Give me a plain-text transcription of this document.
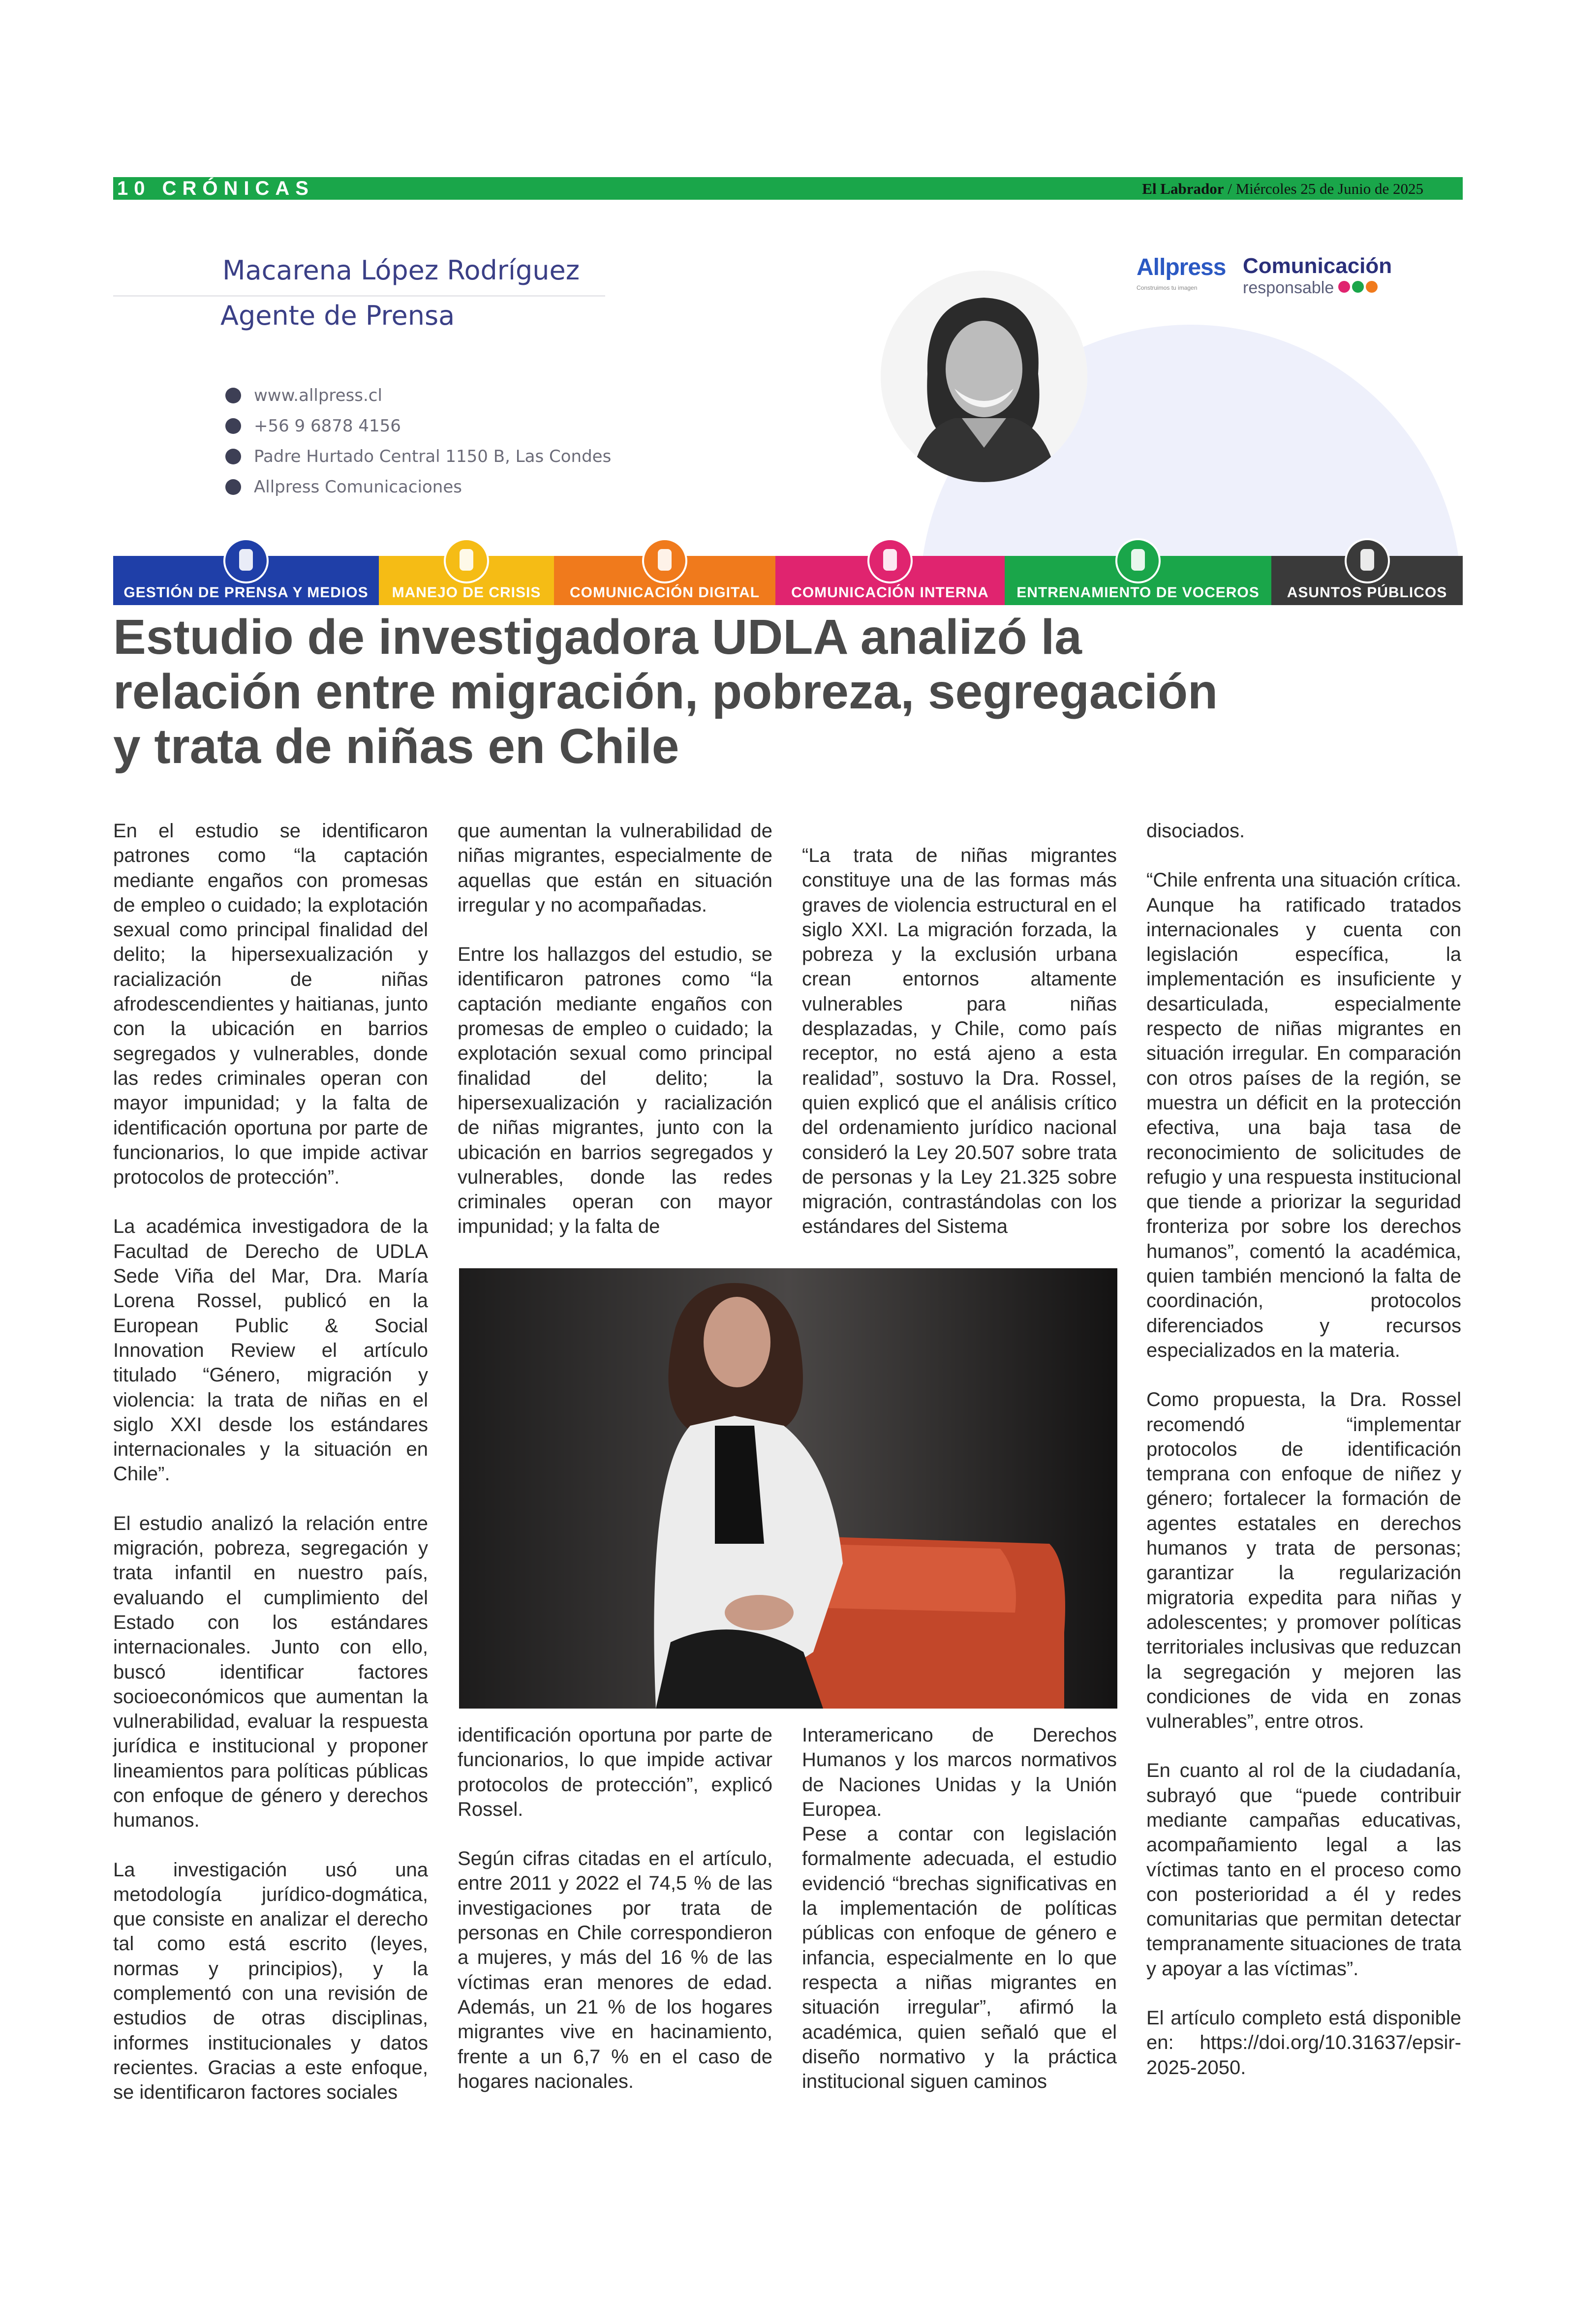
10 CRÓNICAS	El Labrador / Miércoles 25 de Junio de 2025
Macarena López Rodríguez
Agente de Prensa
www.allpress.cl
+56 9 6878 4156
Padre Hurtado Central 1150 B, Las Condes
Allpress Comunicaciones
Allpress
Construimos tu imagen
Comunicación
responsable
GESTIÓN DE PRENSA Y MEDIOS	MANEJO DE CRISIS	COMUNICACIÓN DIGITAL	COMUNICACIÓN INTERNA	ENTRENAMIENTO DE VOCEROS	ASUNTOS PÚBLICOS
Estudio de investigadora UDLA analizó la relación entre migración, pobreza, segregación y trata de niñas en Chile

En el estudio se identificaron patrones como “la captación mediante engaños con promesas de empleo o cuidado; la explotación sexual como principal finalidad del delito; la hipersexualización y racialización de niñas afrodescendientes y haitianas, junto con la ubicación en barrios segregados y vulnerables, donde las redes criminales operan con mayor impunidad; y la falta de identificación oportuna por parte de funcionarios, lo que impide activar protocolos de protección”.

La académica investigadora de la Facultad de Derecho de UDLA Sede Viña del Mar, Dra. María Lorena Rossel, publicó en la European Public & Social Innovation Review el artículo titulado “Género, migración y violencia: la trata de niñas en el siglo XXI desde los estándares internacionales y la situación en Chile”.

El estudio analizó la relación entre migración, pobreza, segregación y trata infantil en nuestro país, evaluando el cumplimiento del Estado con los estándares internacionales. Junto con ello, buscó identificar factores socioeconómicos que aumentan la vulnerabilidad, evaluar la respuesta jurídica e institucional y proponer lineamientos para políticas públicas con enfoque de género y derechos humanos.

La investigación usó una metodología jurídico-dogmática, que consiste en analizar el derecho tal como está escrito (leyes, normas y principios), y la complementó con una revisión de estudios de otras disciplinas, informes institucionales y datos recientes. Gracias a este enfoque, se identificaron factores sociales

que aumentan la vulnerabilidad de niñas migrantes, especialmente de aquellas que están en situación irregular y no acompañadas.

Entre los hallazgos del estudio, se identificaron patrones como “la captación mediante engaños con promesas de empleo o cuidado; la explotación sexual como principal finalidad del delito; la hipersexualización y racialización de niñas migrantes, junto con la ubicación en barrios segregados y vulnerables, donde las redes criminales operan con mayor impunidad; y la falta de

“La trata de niñas migrantes constituye una de las formas más graves de violencia estructural en el siglo XXI. La migración forzada, la pobreza y la exclusión urbana crean entornos altamente vulnerables para niñas desplazadas, y Chile, como país receptor, no está ajeno a esta realidad”, sostuvo la Dra. Rossel, quien explicó que el análisis crítico del ordenamiento jurídico nacional consideró la Ley 20.507 sobre trata de personas y la Ley 21.325 sobre migración, contrastándolas con los estándares del Sistema

identificación oportuna por parte de funcionarios, lo que impide activar protocolos de protección”, explicó Rossel.

Según cifras citadas en el artículo, entre 2011 y 2022 el 74,5 % de las investigaciones por trata de personas en Chile correspondieron a mujeres, y más del 16 % de las víctimas eran menores de edad. Además, un 21 % de los hogares migrantes vive en hacinamiento, frente a un 6,7 % en el caso de hogares nacionales.

Interamericano de Derechos Humanos y los marcos normativos de Naciones Unidas y la Unión Europea.

Pese a contar con legislación formalmente adecuada, el estudio evidenció “brechas significativas en la implementación de políticas públicas con enfoque de género e infancia, especialmente en lo que respecta a niñas migrantes en situación irregular”, afirmó la académica, quien señaló que el diseño normativo y la práctica institucional siguen caminos

disociados.

“Chile enfrenta una situación crítica. Aunque ha ratificado tratados internacionales y cuenta con legislación específica, la implementación es insuficiente y desarticulada, especialmente respecto de niñas migrantes en situación irregular. En comparación con otros países de la región, se muestra un déficit en la protección efectiva, una baja tasa de reconocimiento de solicitudes de refugio y una respuesta institucional que tiende a priorizar la seguridad fronteriza por sobre los derechos humanos”, comentó la académica, quien también mencionó la falta de coordinación, protocolos diferenciados y recursos especializados en la materia.

Como propuesta, la Dra. Rossel recomendó “implementar protocolos de identificación temprana con enfoque de niñez y género; fortalecer la formación de agentes estatales en derechos humanos y trata de personas; garantizar la regularización migratoria expedita para niñas y adolescentes; y promover políticas territoriales inclusivas que reduzcan la segregación y mejoren las condiciones de vida en zonas vulnerables”, entre otros.

En cuanto al rol de la ciudadanía, subrayó que “puede contribuir mediante campañas educativas, acompañamiento legal a las víctimas tanto en el proceso como con posterioridad a él y redes comunitarias que permitan detectar tempranamente situaciones de trata y apoyar a las víctimas”.

El artículo completo está disponible en: https://doi.org/10.31637/epsir-2025-2050.
